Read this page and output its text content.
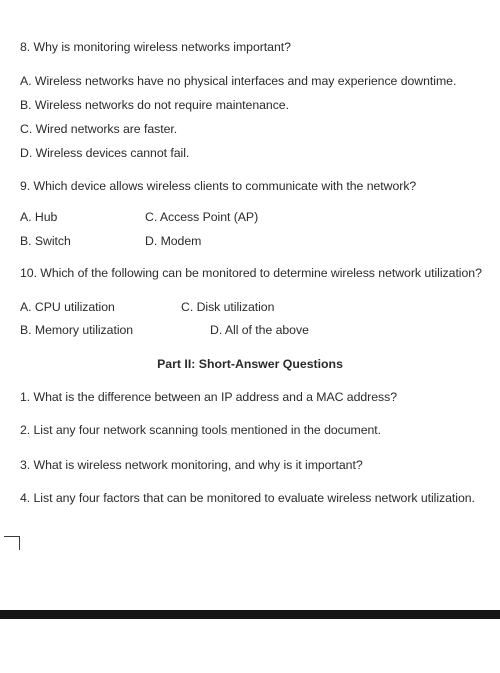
8. Why is monitoring wireless networks important?
A. Wireless networks have no physical interfaces and may experience downtime.
B. Wireless networks do not require maintenance.
C. Wired networks are faster.
D. Wireless devices cannot fail.
9. Which device allows wireless clients to communicate with the network?
A. Hub	C. Access Point (AP)
B. Switch	D. Modem
10. Which of the following can be monitored to determine wireless network utilization?
A. CPU utilization	C. Disk utilization
B. Memory utilization	D. All of the above
Part II: Short-Answer Questions
1. What is the difference between an IP address and a MAC address?
2. List any four network scanning tools mentioned in the document.
3. What is wireless network monitoring, and why is it important?
4. List any four factors that can be monitored to evaluate wireless network utilization.
